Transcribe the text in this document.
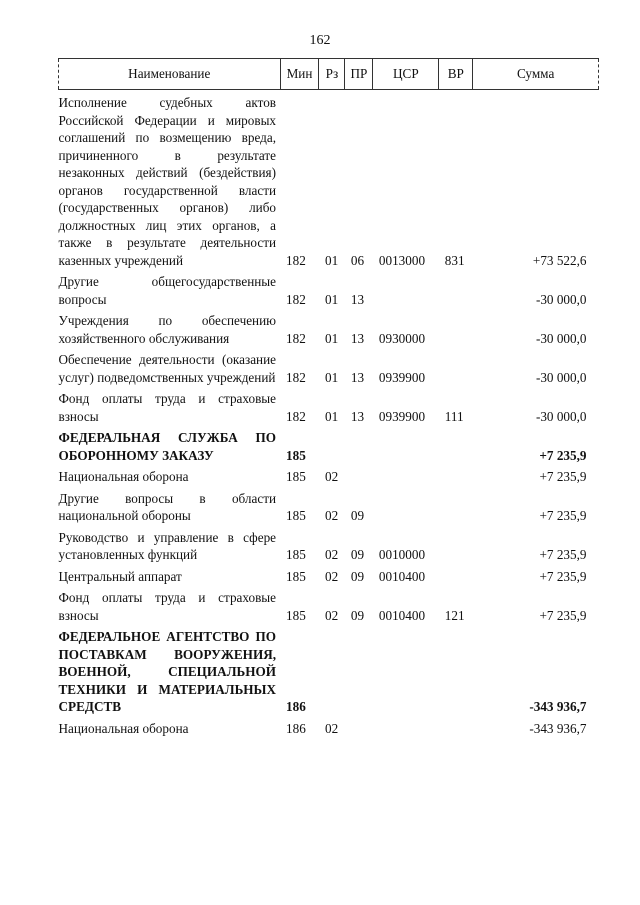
162
Наименование	Мин	Рз	ПР	ЦСР	ВР	Сумма
Исполнение судебных актов Российской Федерации и мировых соглашений по возмещению вреда, причиненного в результате незаконных действий (бездействия) органов государственной власти (государственных органов) либо должностных лиц этих органов, а также в результате деятельности казенных учреждений	182	01	06	0013000	831	+73 522,6

Другие общегосударственные вопросы	182	01	13			-30 000,0

Учреждения по обеспечению хозяйственного обслуживания	182	01	13	0930000		-30 000,0

Обеспечение деятельности (оказание услуг) подведомственных учреждений	182	01	13	0939900		-30 000,0

Фонд оплаты труда и страховые взносы	182	01	13	0939900	111	-30 000,0

ФЕДЕРАЛЬНАЯ СЛУЖБА ПО ОБОРОННОМУ ЗАКАЗУ	185					+7 235,9

Национальная оборона	185	02				+7 235,9

Другие вопросы в области национальной обороны	185	02	09			+7 235,9

Руководство и управление в сфере установленных функций	185	02	09	0010000		+7 235,9

Центральный аппарат	185	02	09	0010400		+7 235,9

Фонд оплаты труда и страховые взносы	185	02	09	0010400	121	+7 235,9

ФЕДЕРАЛЬНОЕ АГЕНТСТВО ПО ПОСТАВКАМ ВООРУЖЕНИЯ, ВОЕННОЙ, СПЕЦИАЛЬНОЙ ТЕХНИКИ И МАТЕРИАЛЬНЫХ СРЕДСТВ	186					-343 936,7

Национальная оборона	186	02				-343 936,7
